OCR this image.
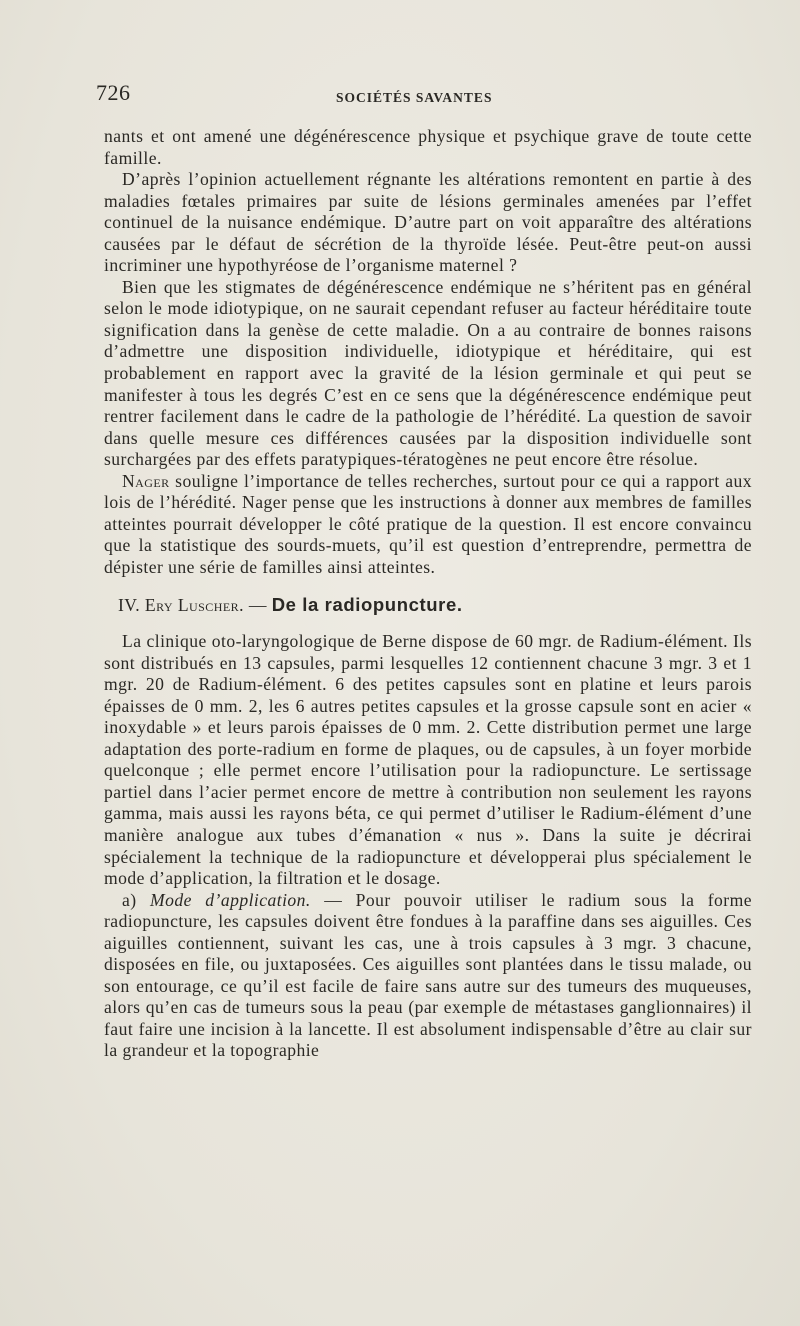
726	SOCIÉTÉS SAVANTES

nants et ont amené une dégénérescence physique et psychique grave de toute cette famille.

D’après l’opinion actuellement régnante les altérations remontent en partie à des maladies fœtales primaires par suite de lésions germinales amenées par l’effet continuel de la nuisance endémique. D’autre part on voit apparaître des altérations causées par le défaut de sécrétion de la thyroïde lésée. Peut-être peut-on aussi incriminer une hypothyréose de l’organisme maternel ?

Bien que les stigmates de dégénérescence endémique ne s’héritent pas en général selon le mode idiotypique, on ne saurait cependant refuser au facteur héréditaire toute signification dans la genèse de cette maladie. On a au contraire de bonnes raisons d’admettre une disposition individuelle, idiotypique et héréditaire, qui est probablement en rapport avec la gravité de la lésion germinale et qui peut se manifester à tous les degrés C’est en ce sens que la dégénérescence endémique peut rentrer facilement dans le cadre de la pathologie de l’hérédité. La question de savoir dans quelle mesure ces différences causées par la disposition individuelle sont surchargées par des effets paratypiques-tératogènes ne peut encore être résolue.

Nager souligne l’importance de telles recherches, surtout pour ce qui a rapport aux lois de l’hérédité. Nager pense que les instructions à donner aux membres de familles atteintes pourrait développer le côté pratique de la question. Il est encore convaincu que la statistique des sourds-muets, qu’il est question d’entreprendre, permettra de dépister une série de familles ainsi atteintes.

IV. Ery Luscher. — De la radiopuncture.

La clinique oto-laryngologique de Berne dispose de 60 mgr. de Radium-élément. Ils sont distribués en 13 capsules, parmi lesquelles 12 contiennent chacune 3 mgr. 3 et 1 mgr. 20 de Radium-élément. 6 des petites capsules sont en platine et leurs parois épaisses de 0 mm. 2, les 6 autres petites capsules et la grosse capsule sont en acier « inoxydable » et leurs parois épaisses de 0 mm. 2. Cette distribution permet une large adaptation des porte-radium en forme de plaques, ou de capsules, à un foyer morbide quelconque ; elle permet encore l’utilisation pour la radiopuncture. Le sertissage partiel dans l’acier permet encore de mettre à contribution non seulement les rayons gamma, mais aussi les rayons béta, ce qui permet d’utiliser le Radium-élément d’une manière analogue aux tubes d’émanation « nus ». Dans la suite je décrirai spécialement la technique de la radiopuncture et développerai plus spécialement le mode d’application, la filtration et le dosage.

a) Mode d’application. — Pour pouvoir utiliser le radium sous la forme radiopuncture, les capsules doivent être fondues à la paraffine dans ses aiguilles. Ces aiguilles contiennent, suivant les cas, une à trois capsules à 3 mgr. 3 chacune, disposées en file, ou juxtaposées. Ces aiguilles sont plantées dans le tissu malade, ou son entourage, ce qu’il est facile de faire sans autre sur des tumeurs des muqueuses, alors qu’en cas de tumeurs sous la peau (par exemple de métastases ganglionnaires) il faut faire une incision à la lancette. Il est absolument indispensable d’être au clair sur la grandeur et la topographie
